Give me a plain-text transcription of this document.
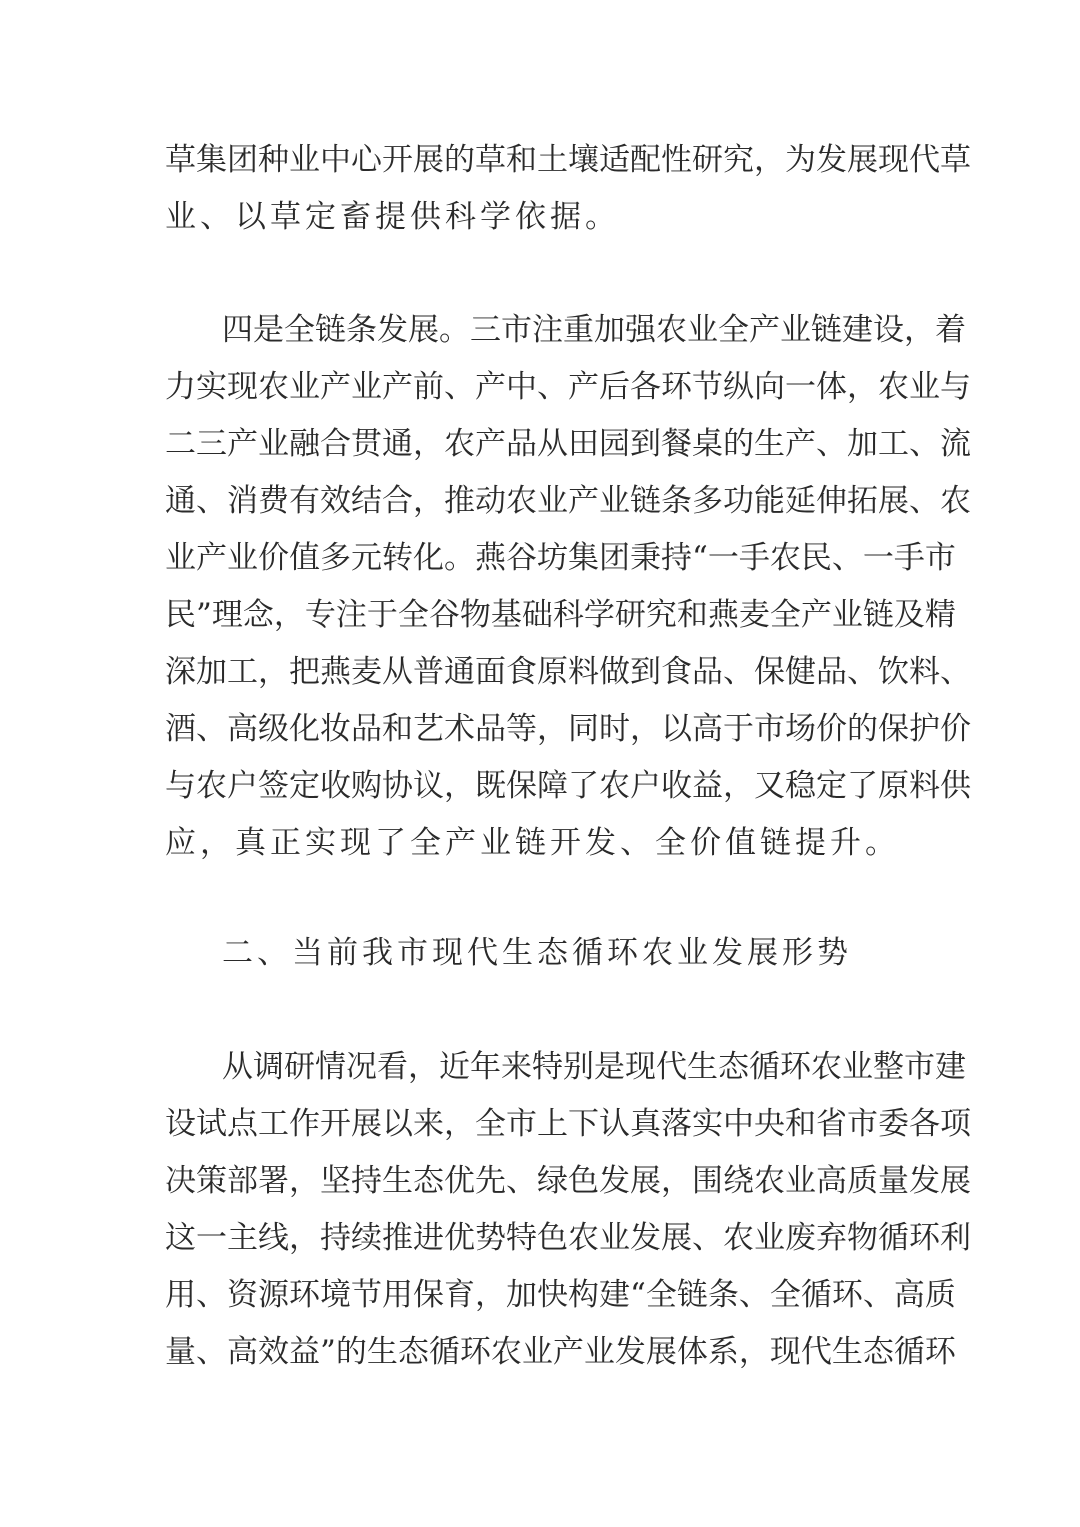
草集团种业中心开展的草和土壤适配性研究，为发展现代草
业、以草定畜提供科学依据。
四是全链条发展。三市注重加强农业全产业链建设，着
力实现农业产业产前、产中、产后各环节纵向一体，农业与
二三产业融合贯通，农产品从田园到餐桌的生产、加工、流
通、消费有效结合，推动农业产业链条多功能延伸拓展、农
业产业价值多元转化。燕谷坊集团秉持“一手农民、一手市
民”理念，专注于全谷物基础科学研究和燕麦全产业链及精
深加工，把燕麦从普通面食原料做到食品、保健品、饮料、
酒、高级化妆品和艺术品等，同时，以高于市场价的保护价
与农户签定收购协议，既保障了农户收益，又稳定了原料供
应，真正实现了全产业链开发、全价值链提升。
二、当前我市现代生态循环农业发展形势
从调研情况看，近年来特别是现代生态循环农业整市建
设试点工作开展以来，全市上下认真落实中央和省市委各项
决策部署，坚持生态优先、绿色发展，围绕农业高质量发展
这一主线，持续推进优势特色农业发展、农业废弃物循环利
用、资源环境节用保育，加快构建“全链条、全循环、高质
量、高效益”的生态循环农业产业发展体系，现代生态循环
